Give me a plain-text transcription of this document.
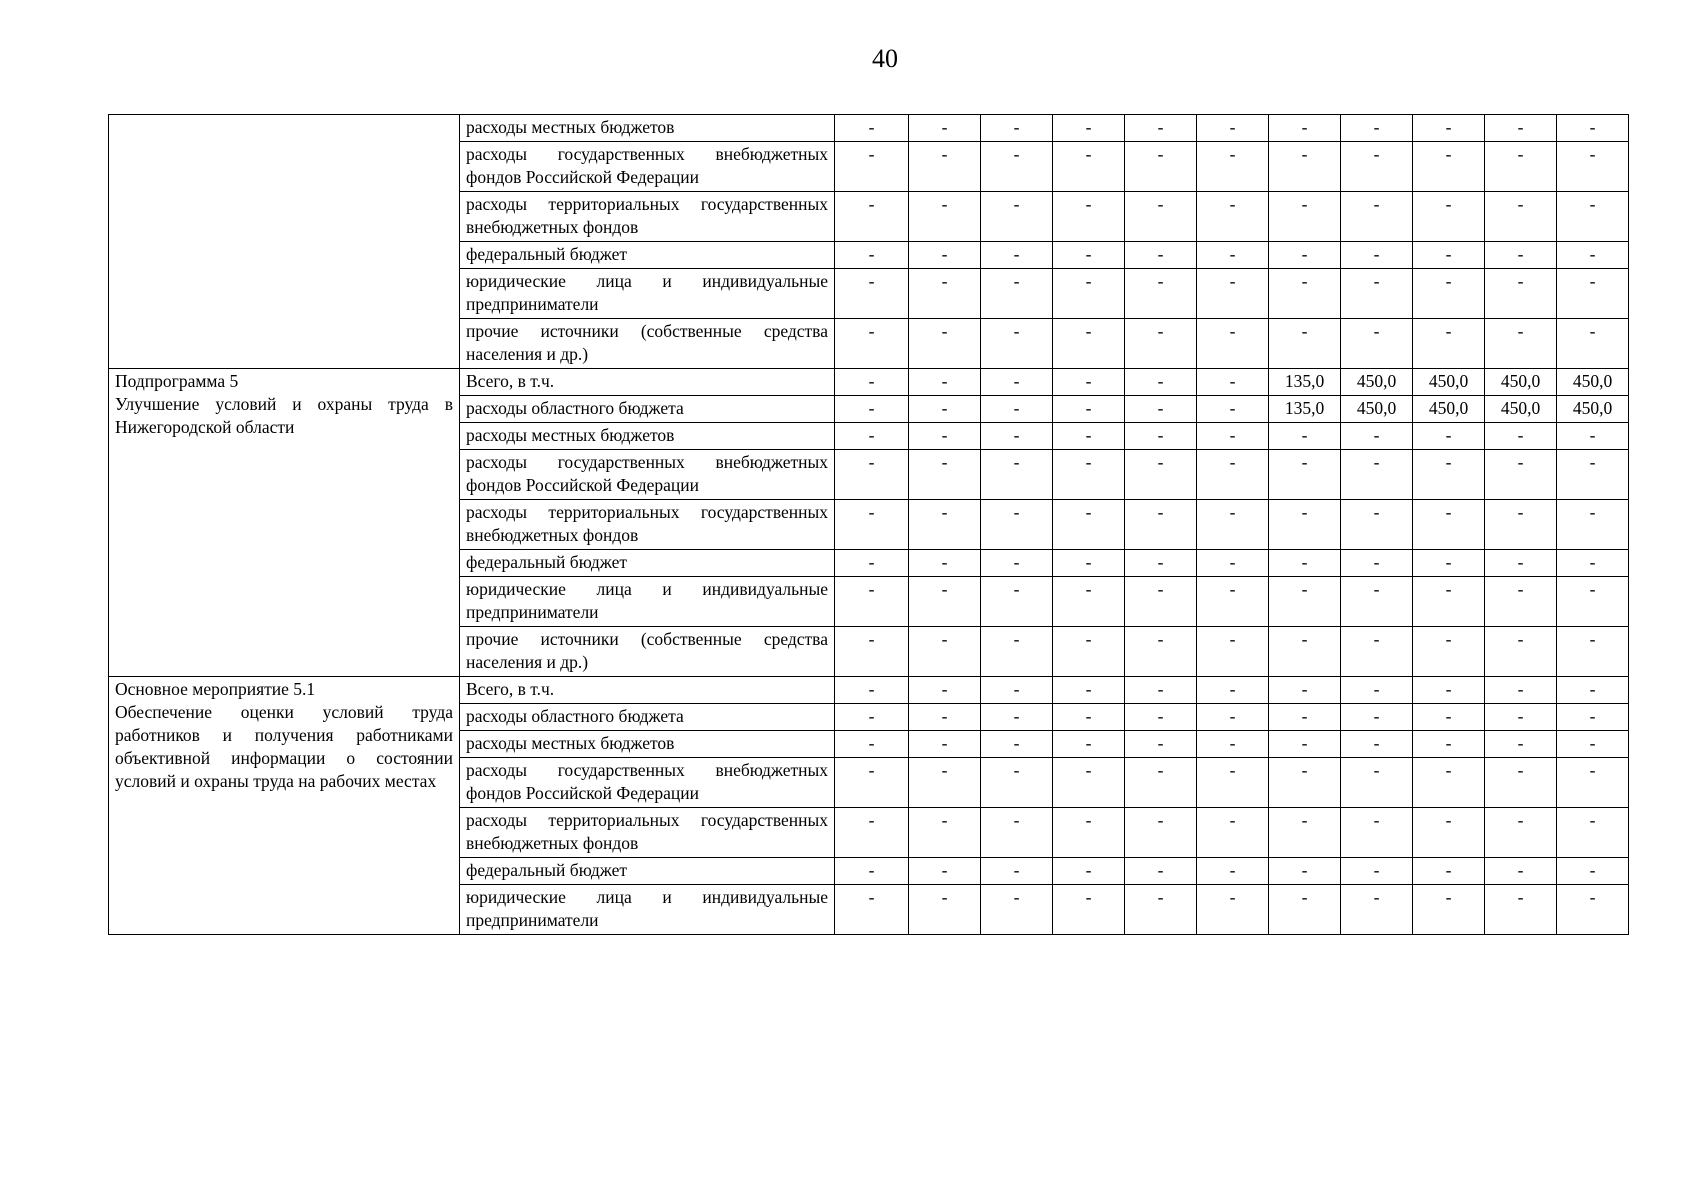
40
	расходы местных бюджетов	-	-	-	-	-	-	-	-	-	-	-
	расходы государственных внебюджетных фондов Российской Федерации	-	-	-	-	-	-	-	-	-	-	-
	расходы территориальных государственных внебюджетных фондов	-	-	-	-	-	-	-	-	-	-	-
	федеральный бюджет	-	-	-	-	-	-	-	-	-	-	-
	юридические лица и индивидуальные предприниматели	-	-	-	-	-	-	-	-	-	-	-
	прочие источники (собственные средства населения и др.)	-	-	-	-	-	-	-	-	-	-	-

Подпрограмма 5
Улучшение условий и охраны труда в Нижегородской области	Всего, в т.ч.	-	-	-	-	-	-	135,0	450,0	450,0	450,0	450,0
	расходы областного бюджета	-	-	-	-	-	-	135,0	450,0	450,0	450,0	450,0
	расходы местных бюджетов	-	-	-	-	-	-	-	-	-	-	-
	расходы государственных внебюджетных фондов Российской Федерации	-	-	-	-	-	-	-	-	-	-	-
	расходы территориальных государственных внебюджетных фондов	-	-	-	-	-	-	-	-	-	-	-
	федеральный бюджет	-	-	-	-	-	-	-	-	-	-	-
	юридические лица и индивидуальные предприниматели	-	-	-	-	-	-	-	-	-	-	-
	прочие источники (собственные средства населения и др.)	-	-	-	-	-	-	-	-	-	-	-

Основное мероприятие 5.1
Обеспечение оценки условий труда работников и получения работниками объективной информации о состоянии условий и охраны труда на рабочих местах	Всего, в т.ч.	-	-	-	-	-	-	-	-	-	-	-
	расходы областного бюджета	-	-	-	-	-	-	-	-	-	-	-
	расходы местных бюджетов	-	-	-	-	-	-	-	-	-	-	-
	расходы государственных внебюджетных фондов Российской Федерации	-	-	-	-	-	-	-	-	-	-	-
	расходы территориальных государственных внебюджетных фондов	-	-	-	-	-	-	-	-	-	-	-
	федеральный бюджет	-	-	-	-	-	-	-	-	-	-	-
	юридические лица и индивидуальные предприниматели	-	-	-	-	-	-	-	-	-	-	-
